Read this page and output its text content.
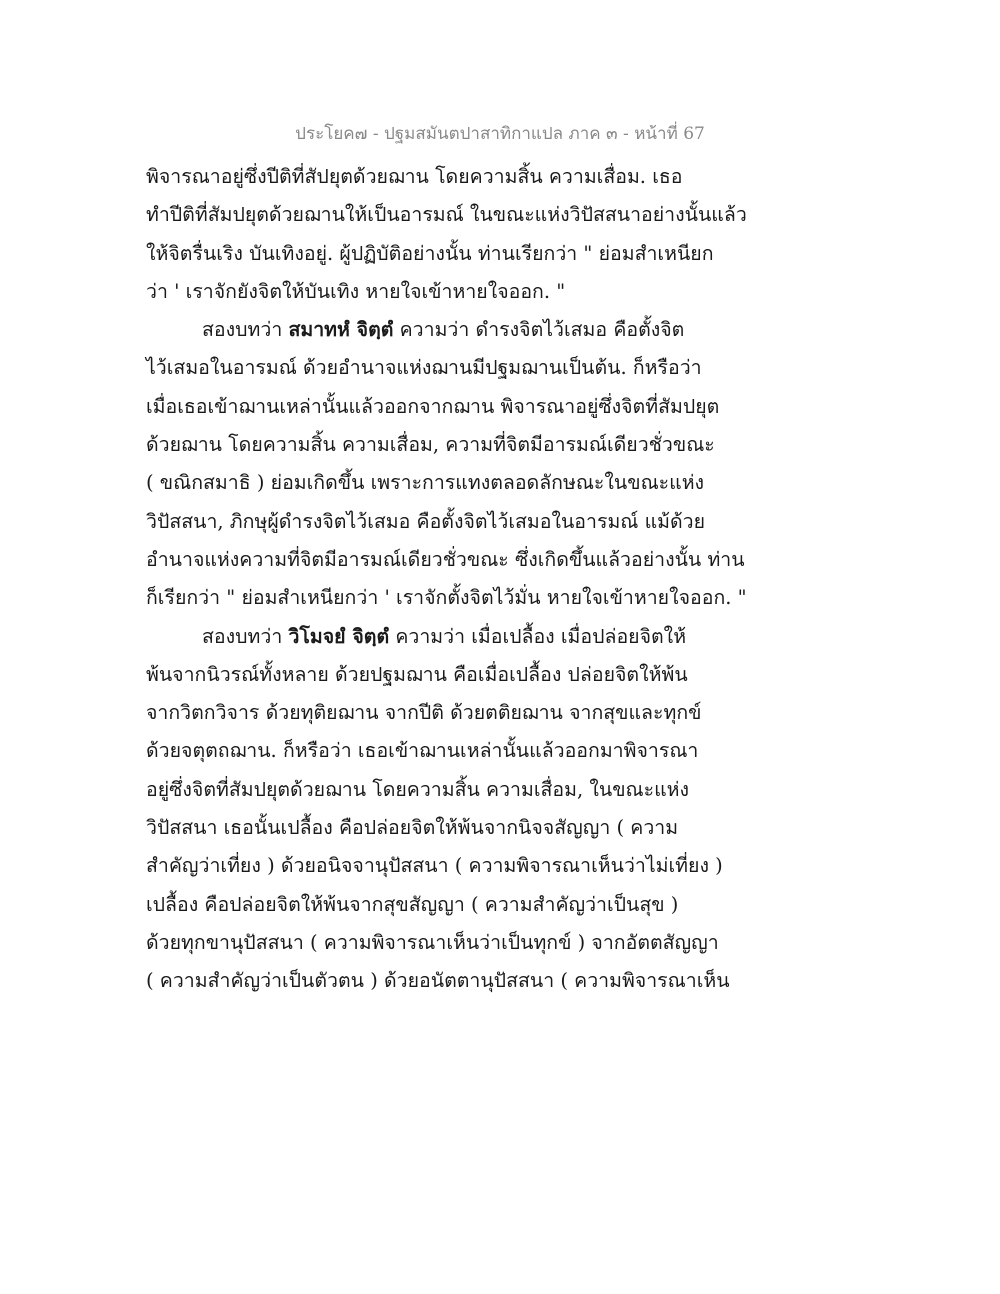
ประโยค๗ - ปฐมสมันตปาสาทิกาแปล ภาค ๓ - หน้าที่ 67
พิจารณาอยู่ซึ่งปีติที่สัปยุตด้วยฌาน โดยความสิ้น ความเสื่อม. เธอ
ทำปีติที่สัมปยุตด้วยฌานให้เป็นอารมณ์ ในขณะแห่งวิปัสสนาอย่างนั้นแล้ว
ให้จิตรื่นเริง บันเทิงอยู่. ผู้ปฏิบัติอย่างนั้น ท่านเรียกว่า " ย่อมสำเหนียก
ว่า ' เราจักยังจิตให้บันเทิง หายใจเข้าหายใจออก. "
สองบทว่า สมาทหํ จิตฺตํ ความว่า ดำรงจิตไว้เสมอ คือตั้งจิต
ไว้เสมอในอารมณ์ ด้วยอำนาจแห่งฌานมีปฐมฌานเป็นต้น. ก็หรือว่า
เมื่อเธอเข้าฌานเหล่านั้นแล้วออกจากฌาน พิจารณาอยู่ซึ่งจิตที่สัมปยุต
ด้วยฌาน โดยความสิ้น ความเสื่อม, ความที่จิตมีอารมณ์เดียวชั่วขณะ
( ขณิกสมาธิ ) ย่อมเกิดขึ้น เพราะการแทงตลอดลักษณะในขณะแห่ง
วิปัสสนา, ภิกษุผู้ดำรงจิตไว้เสมอ คือตั้งจิตไว้เสมอในอารมณ์ แม้ด้วย
อำนาจแห่งความที่จิตมีอารมณ์เดียวชั่วขณะ ซึ่งเกิดขึ้นแล้วอย่างนั้น ท่าน
ก็เรียกว่า " ย่อมสำเหนียกว่า ' เราจักตั้งจิตไว้มั่น หายใจเข้าหายใจออก. "
สองบทว่า วิโมจยํ จิตฺตํ ความว่า เมื่อเปลื้อง เมื่อปล่อยจิตให้
พ้นจากนิวรณ์ทั้งหลาย ด้วยปฐมฌาน คือเมื่อเปลื้อง ปล่อยจิตให้พ้น
จากวิตกวิจาร ด้วยทุติยฌาน จากปีติ ด้วยตติยฌาน จากสุขและทุกข์
ด้วยจตุตถฌาน. ก็หรือว่า เธอเข้าฌานเหล่านั้นแล้วออกมาพิจารณา
อยู่ซึ่งจิตที่สัมปยุตด้วยฌาน โดยความสิ้น ความเสื่อม, ในขณะแห่ง
วิปัสสนา เธอนั้นเปลื้อง คือปล่อยจิตให้พ้นจากนิจจสัญญา ( ความ
สำคัญว่าเที่ยง ) ด้วยอนิจจานุปัสสนา ( ความพิจารณาเห็นว่าไม่เที่ยง )
เปลื้อง คือปล่อยจิตให้พ้นจากสุขสัญญา ( ความสำคัญว่าเป็นสุข )
ด้วยทุกขานุปัสสนา ( ความพิจารณาเห็นว่าเป็นทุกข์ ) จากอัตตสัญญา
( ความสำคัญว่าเป็นตัวตน ) ด้วยอนัตตานุปัสสนา ( ความพิจารณาเห็น
